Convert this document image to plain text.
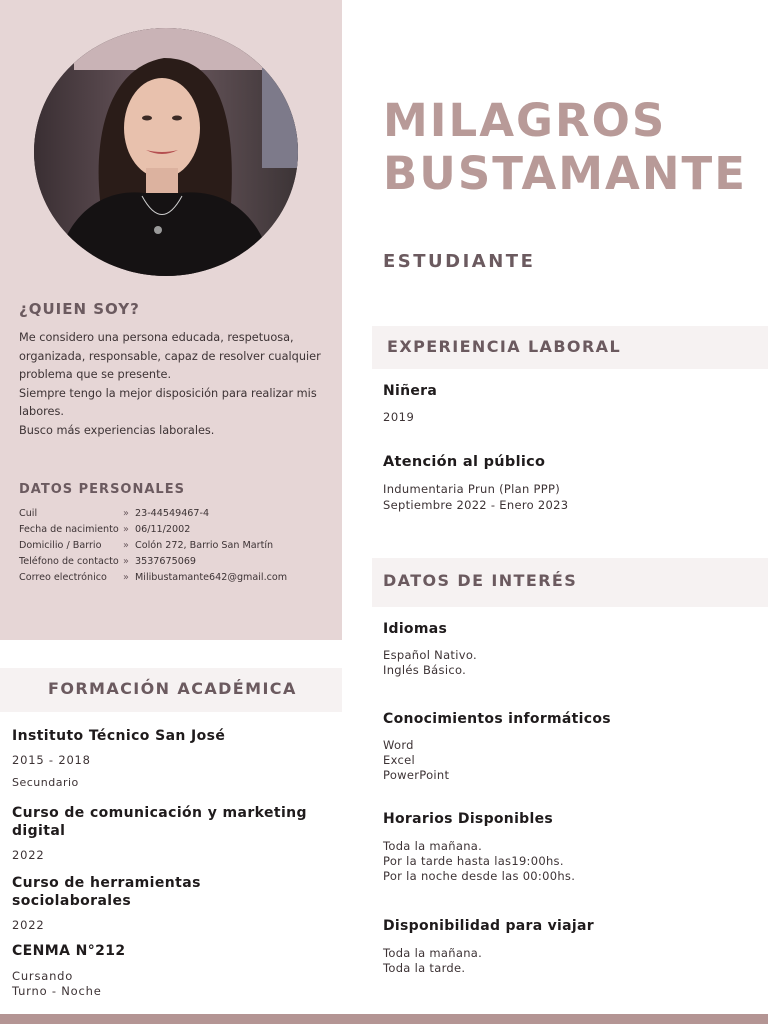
MILAGROS
BUSTAMANTE
ESTUDIANTE
¿QUIEN SOY?
Me considero una persona educada, respetuosa,
organizada, responsable, capaz de resolver cualquier
problema que se presente.
Siempre tengo la mejor disposición para realizar mis
labores.
Busco más experiencias laborales.
DATOS PERSONALES
Cuil	» 23-44549467-4
Fecha de nacimiento » 06/11/2002
Domicilio / Barrio » Colón 272, Barrio San Martín
Teléfono de contacto » 3537675069
Correo electrónico » Milibustamante642@gmail.com
FORMACIÓN ACADÉMICA
Instituto Técnico San José
2015 - 2018
Secundario
Curso de comunicación y marketing digital
2022
Curso de herramientas sociolaborales
2022
CENMA N°212
Cursando
Turno - Noche
EXPERIENCIA LABORAL
Niñera
2019
Atención al público
Indumentaria Prun (Plan PPP)
Septiembre 2022 - Enero 2023
DATOS DE INTERÉS
Idiomas
Español Nativo.
Inglés Básico.
Conocimientos informáticos
Word
Excel
PowerPoint
Horarios Disponibles
Toda la mañana.
Por la tarde hasta las19:00hs.
Por la noche desde las 00:00hs.
Disponibilidad para viajar
Toda la mañana.
Toda la tarde.
